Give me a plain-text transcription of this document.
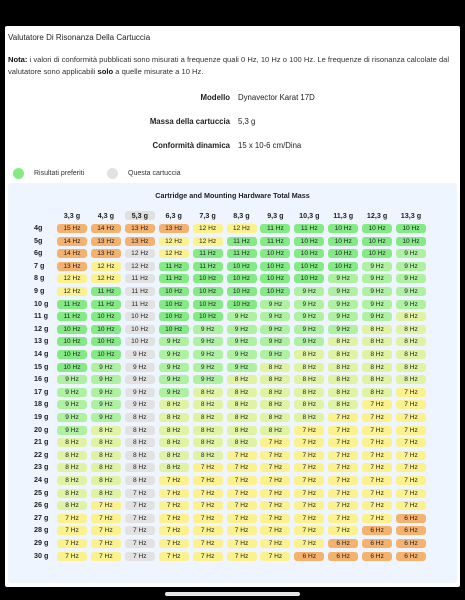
Valutatore Di Risonanza Della Cartuccia
Nota: i valori di conformità pubblicati sono misurati a frequenze quali 0 Hz, 10 Hz o 100 Hz. Le frequenze di risonanza calcolate dal valutatore sono applicabili solo a quelle misurate a 10 Hz.
Modello Dynavector Karat 17D
Massa della cartuccia 5,3 g
Conformità dinamica 15 x 10-6 cm/Dina
Risultati preferiti	Questa cartuccia
Cartridge and Mounting Hardware Total Mass
3,3 g	4,3 g	5,3 g	6,3 g	7,3 g	8,3 g	9,3 g	10,3 g	11,3 g	12,3 g	13,3 g
4g	15 Hz	14 Hz	13 Hz	13 Hz	12 Hz	12 Hz	11 Hz	11 Hz	10 Hz	10 Hz	10 Hz
5g	14 Hz	13 Hz	13 Hz	12 Hz	12 Hz	11 Hz	11 Hz	10 Hz	10 Hz	10 Hz	10 Hz
6g	14 Hz	13 Hz	12 Hz	12 Hz	11 Hz	11 Hz	10 Hz	10 Hz	10 Hz	10 Hz	9 Hz
7 g	13 Hz	12 Hz	12 Hz	11 Hz	11 Hz	10 Hz	10 Hz	10 Hz	10 Hz	9 Hz	9 Hz
8 g	12 Hz	12 Hz	11 Hz	11 Hz	10 Hz	10 Hz	10 Hz	10 Hz	9 Hz	9 Hz	9 Hz
9 g	12 Hz	11 Hz	11 Hz	10 Hz	10 Hz	10 Hz	10 Hz	9 Hz	9 Hz	9 Hz	9 Hz
10 g	11 Hz	11 Hz	11 Hz	10 Hz	10 Hz	10 Hz	9 Hz	9 Hz	9 Hz	9 Hz	9 Hz
11 g	11 Hz	10 Hz	10 Hz	10 Hz	10 Hz	9 Hz	9 Hz	9 Hz	9 Hz	9 Hz	8 Hz
12 g	10 Hz	10 Hz	10 Hz	10 Hz	9 Hz	9 Hz	9 Hz	9 Hz	9 Hz	8 Hz	8 Hz
13 g	10 Hz	10 Hz	10 Hz	9 Hz	9 Hz	9 Hz	9 Hz	9 Hz	8 Hz	8 Hz	8 Hz
14 g	10 Hz	10 Hz	9 Hz	9 Hz	9 Hz	9 Hz	9 Hz	8 Hz	8 Hz	8 Hz	8 Hz
15 g	10 Hz	9 Hz	9 Hz	9 Hz	9 Hz	9 Hz	8 Hz	8 Hz	8 Hz	8 Hz	8 Hz
16 g	9 Hz	9 Hz	9 Hz	9 Hz	9 Hz	8 Hz	8 Hz	8 Hz	8 Hz	8 Hz	8 Hz
17 g	9 Hz	9 Hz	9 Hz	9 Hz	8 Hz	8 Hz	8 Hz	8 Hz	8 Hz	8 Hz	7 Hz
18 g	9 Hz	9 Hz	9 Hz	8 Hz	8 Hz	8 Hz	8 Hz	8 Hz	8 Hz	7 Hz	7 Hz
19 g	9 Hz	9 Hz	8 Hz	8 Hz	8 Hz	8 Hz	8 Hz	8 Hz	7 Hz	7 Hz	7 Hz
20 g	9 Hz	8 Hz	8 Hz	8 Hz	8 Hz	8 Hz	8 Hz	7 Hz	7 Hz	7 Hz	7 Hz
21 g	8 Hz	8 Hz	8 Hz	8 Hz	8 Hz	8 Hz	7 Hz	7 Hz	7 Hz	7 Hz	7 Hz
22 g	8 Hz	8 Hz	8 Hz	8 Hz	8 Hz	7 Hz	7 Hz	7 Hz	7 Hz	7 Hz	7 Hz
23 g	8 Hz	8 Hz	8 Hz	8 Hz	7 Hz	7 Hz	7 Hz	7 Hz	7 Hz	7 Hz	7 Hz
24 g	8 Hz	8 Hz	8 Hz	7 Hz	7 Hz	7 Hz	7 Hz	7 Hz	7 Hz	7 Hz	7 Hz
25 g	8 Hz	8 Hz	7 Hz	7 Hz	7 Hz	7 Hz	7 Hz	7 Hz	7 Hz	7 Hz	7 Hz
26 g	8 Hz	7 Hz	7 Hz	7 Hz	7 Hz	7 Hz	7 Hz	7 Hz	7 Hz	7 Hz	7 Hz
27 g	7 Hz	7 Hz	7 Hz	7 Hz	7 Hz	7 Hz	7 Hz	7 Hz	7 Hz	7 Hz	6 Hz
28 g	7 Hz	7 Hz	7 Hz	7 Hz	7 Hz	7 Hz	7 Hz	7 Hz	7 Hz	6 Hz	6 Hz
29 g	7 Hz	7 Hz	7 Hz	7 Hz	7 Hz	7 Hz	7 Hz	7 Hz	6 Hz	6 Hz	6 Hz
30 g	7 Hz	7 Hz	7 Hz	7 Hz	7 Hz	7 Hz	7 Hz	6 Hz	6 Hz	6 Hz	6 Hz
